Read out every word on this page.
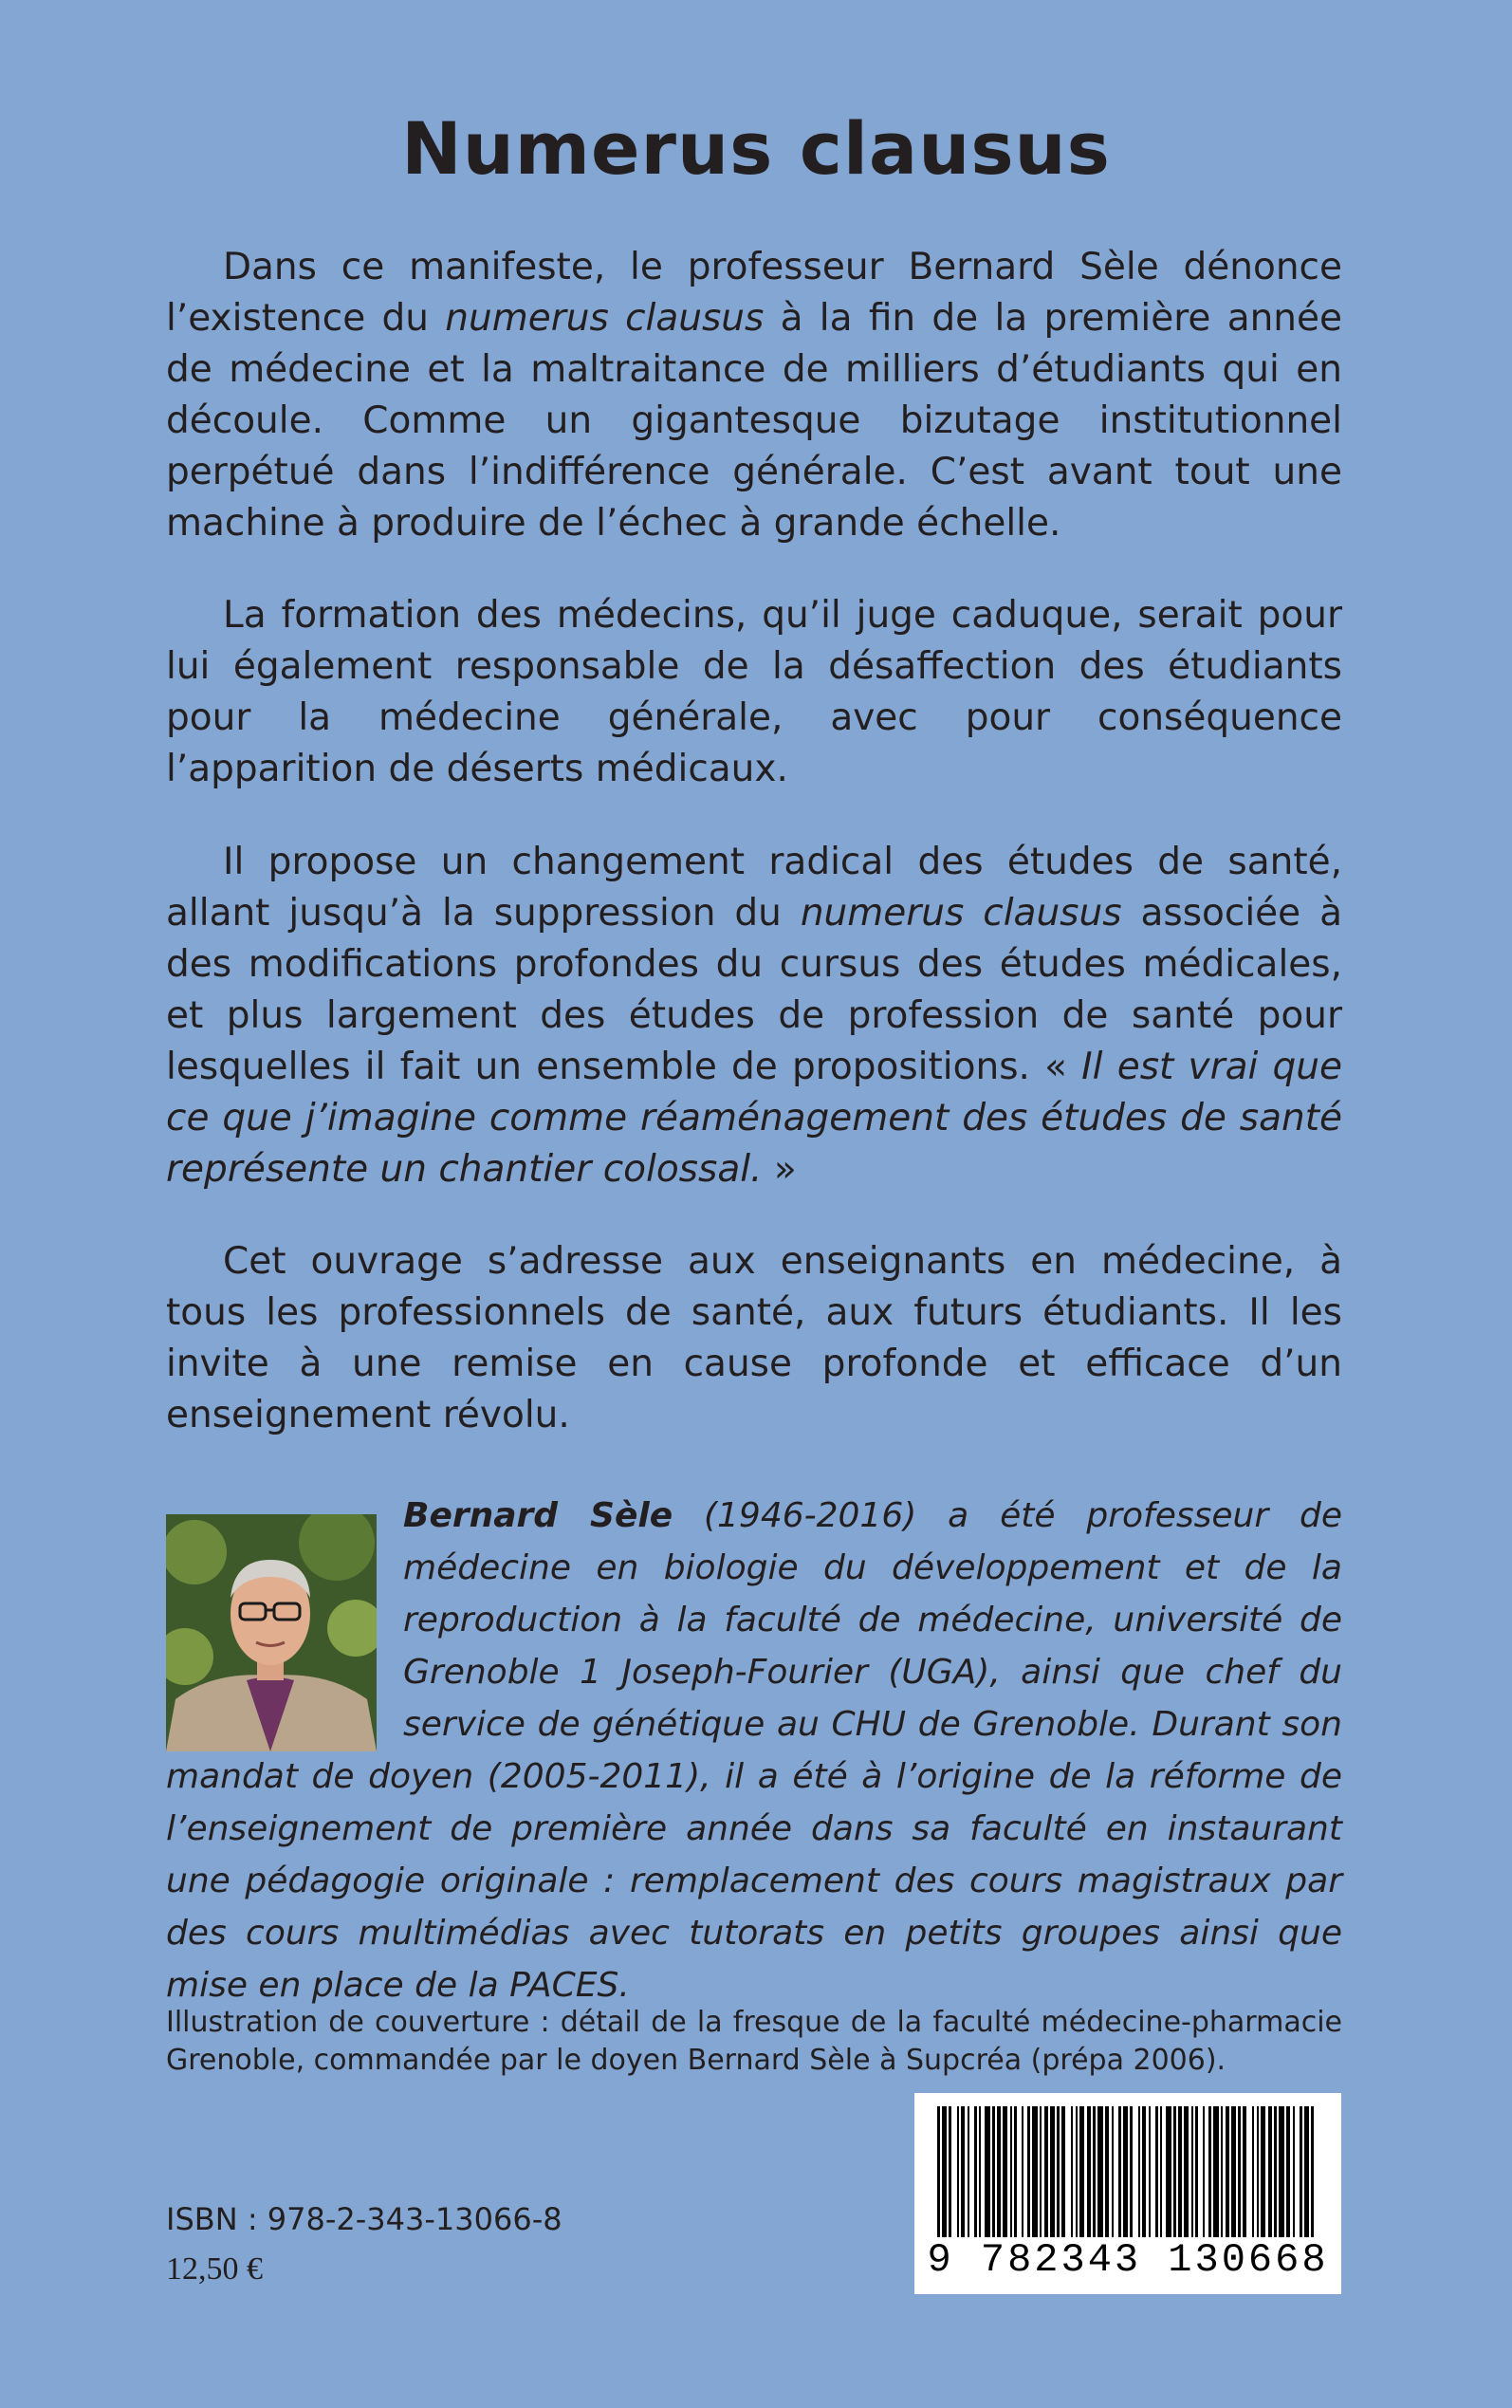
Numerus clausus

Dans ce manifeste, le professeur Bernard Sèle dénonce l’existence du numerus clausus à la fin de la première année de médecine et la maltraitance de milliers d’étudiants qui en découle. Comme un gigantesque bizutage institutionnel perpétué dans l’indifférence générale. C’est avant tout une machine à produire de l’échec à grande échelle.

La formation des médecins, qu’il juge caduque, serait pour lui également responsable de la désaffection des étudiants pour la médecine générale, avec pour conséquence l’apparition de déserts médicaux.

Il propose un changement radical des études de santé, allant jusqu’à la suppression du numerus clausus associée à des modifications profondes du cursus des études médicales, et plus largement des études de profession de santé pour lesquelles il fait un ensemble de propositions. « Il est vrai que ce que j’imagine comme réaménagement des études de santé représente un chantier colossal. »

Cet ouvrage s’adresse aux enseignants en médecine, à tous les professionnels de santé, aux futurs étudiants. Il les invite à une remise en cause profonde et efficace d’un enseignement révolu.

Bernard Sèle (1946-2016) a été professeur de médecine en biologie du développement et de la reproduction à la faculté de médecine, université de Grenoble 1 Joseph-Fourier (UGA), ainsi que chef du service de génétique au CHU de Grenoble. Durant son mandat de doyen (2005-2011), il a été à l’origine de la réforme de l’enseignement de première année dans sa faculté en instaurant une pédagogie originale : remplacement des cours magistraux par des cours multimédias avec tutorats en petits groupes ainsi que mise en place de la PACES.

Illustration de couverture : détail de la fresque de la faculté médecine-pharmacie Grenoble, commandée par le doyen Bernard Sèle à Supcréa (prépa 2006).

ISBN : 978-2-343-13066-8

12,50 €	9 782343 130668
